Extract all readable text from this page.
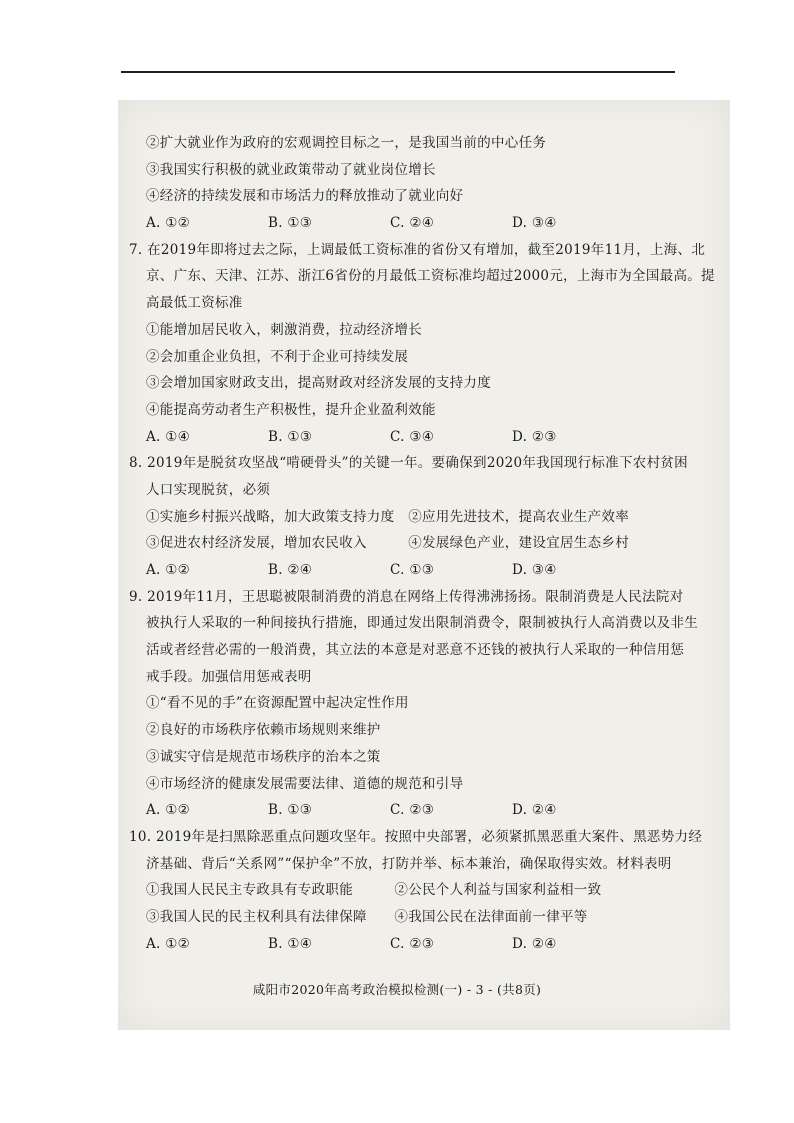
②扩大就业作为政府的宏观调控目标之一，是我国当前的中心任务
③我国实行积极的就业政策带动了就业岗位增长
④经济的持续发展和市场活力的释放推动了就业向好
A. ①②	B. ①③	C. ②④	D. ③④
7. 在2019年即将过去之际，上调最低工资标准的省份又有增加，截至2019年11月，上海、北
京、广东、天津、江苏、浙江6省份的月最低工资标准均超过2000元，上海市为全国最高。提
高最低工资标准
①能增加居民收入，刺激消费，拉动经济增长
②会加重企业负担，不利于企业可持续发展
③会增加国家财政支出，提高财政对经济发展的支持力度
④能提高劳动者生产积极性，提升企业盈利效能
A. ①④	B. ①③	C. ③④	D. ②③
8. 2019年是脱贫攻坚战“啃硬骨头”的关键一年。要确保到2020年我国现行标准下农村贫困
人口实现脱贫，必须
①实施乡村振兴战略，加大政策支持力度　②应用先进技术，提高农业生产效率
③促进农村经济发展，增加农民收入　　　④发展绿色产业，建设宜居生态乡村
A. ①②	B. ②④	C. ①③	D. ③④
9. 2019年11月，王思聪被限制消费的消息在网络上传得沸沸扬扬。限制消费是人民法院对
被执行人采取的一种间接执行措施，即通过发出限制消费令，限制被执行人高消费以及非生
活或者经营必需的一般消费，其立法的本意是对恶意不还钱的被执行人采取的一种信用惩
戒手段。加强信用惩戒表明
①“看不见的手”在资源配置中起决定性作用
②良好的市场秩序依赖市场规则来维护
③诚实守信是规范市场秩序的治本之策
④市场经济的健康发展需要法律、道德的规范和引导
A. ①②	B. ①③	C. ②③	D. ②④
10. 2019年是扫黑除恶重点问题攻坚年。按照中央部署，必须紧抓黑恶重大案件、黑恶势力经
济基础、背后“关系网”“保护伞”不放，打防并举、标本兼治，确保取得实效。材料表明
①我国人民民主专政具有专政职能　　　②公民个人利益与国家利益相一致
③我国人民的民主权利具有法律保障　　④我国公民在法律面前一律平等
A. ①②	B. ①④	C. ②③	D. ②④
咸阳市2020年高考政治模拟检测(一) - 3 - (共8页)
